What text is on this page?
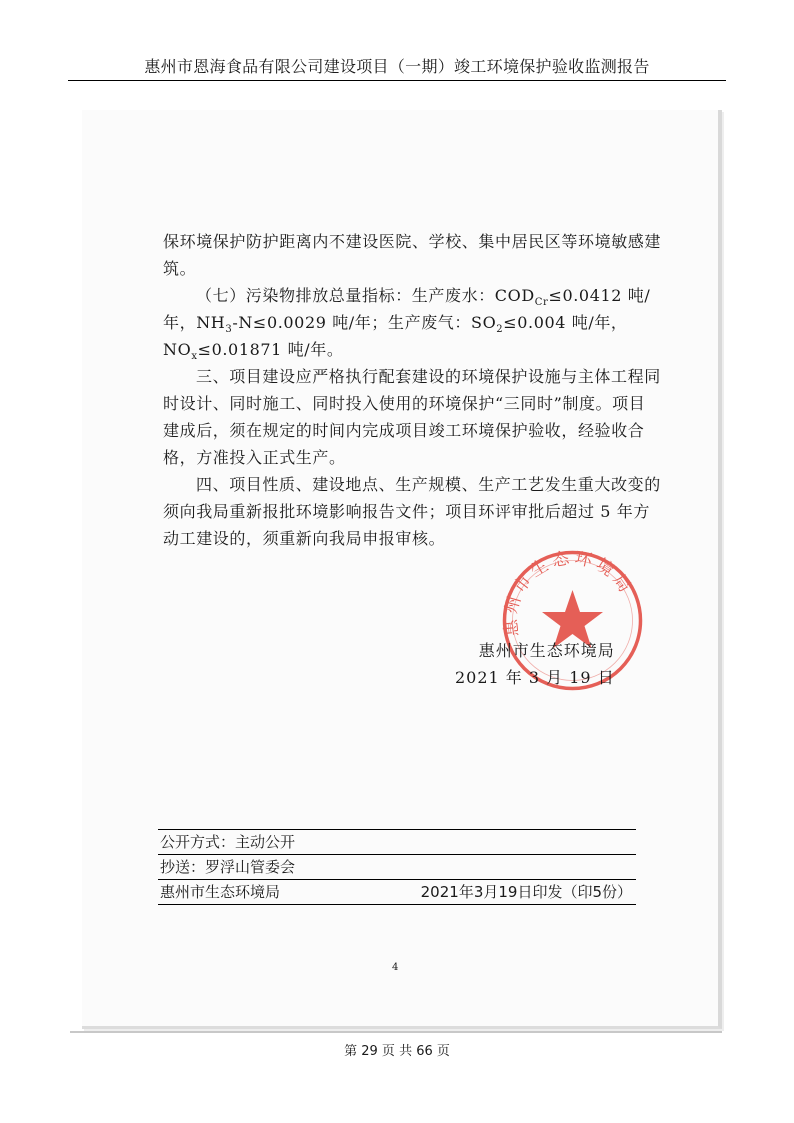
惠州市恩海食品有限公司建设项目（一期）竣工环境保护验收监测报告

保环境保护防护距离内不建设医院、学校、集中居民区等环境敏感建筑。

（七）污染物排放总量指标：生产废水：$COD_{Cr}\le 0.0412$ 吨/年，$NH_3-N\le 0.0029$ 吨/年；生产废气：$SO_2\le 0.004$ 吨/年，$NO_x\le 0.01871$ 吨/年。

三、项目建设应严格执行配套建设的环境保护设施与主体工程同时设计、同时施工、同时投入使用的环境保护“三同时”制度。项目建成后，须在规定的时间内完成项目竣工环境保护验收，经验收合格，方准投入正式生产。

四、项目性质、建设地点、生产规模、生产工艺发生重大改变的须向我局重新报批环境影响报告文件；项目环评审批后超过 5 年方动工建设的，须重新向我局申报审核。

惠州市生态环境局
惠州市生态环境局
2021 年 3 月 19 日
公开方式：主动公开
抄送：罗浮山管委会
惠州市生态环境局	2021年3月19日印发（印5份）
4
第 29 页 共 66 页
